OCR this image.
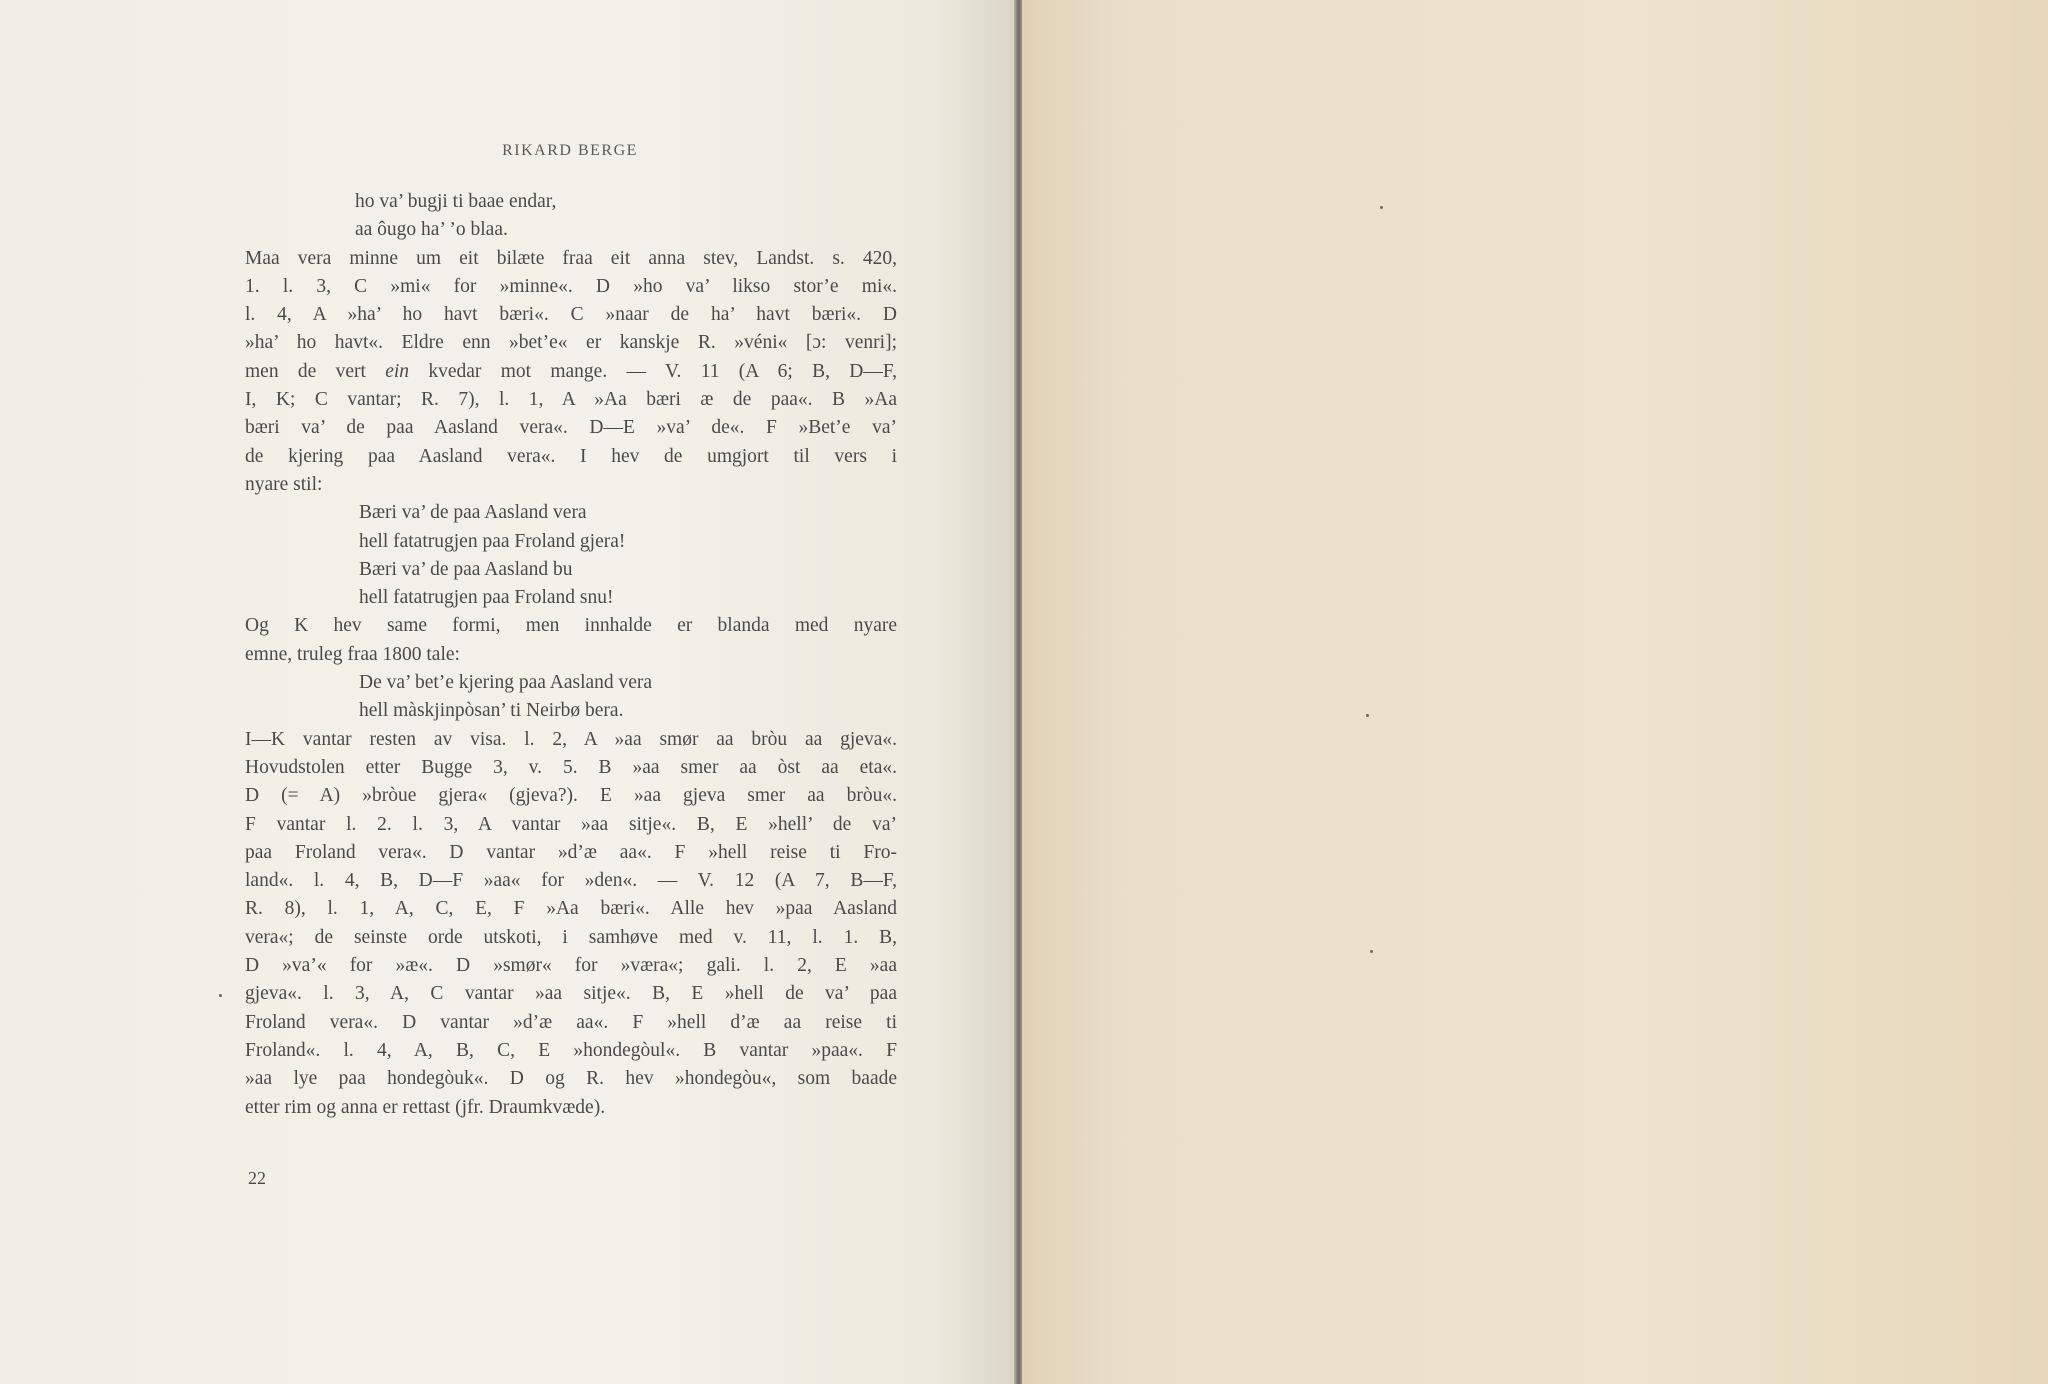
RIKARD BERGE
ho va’ bugji ti baae endar,
aa ôugo ha’ ’o blaa.
Maa vera minne um eit bilæte fraa eit anna stev, Landst. s. 420,
1. l. 3, C »mi« for »minne«. D »ho va’ likso stor’e mi«.
l. 4, A »ha’ ho havt bæri«. C »naar de ha’ havt bæri«. D
»ha’ ho havt«. Eldre enn »bet’e« er kanskje R. »véni« [ɔ: venri];
men de vert ein kvedar mot mange. — V. 11 (A 6; B, D—F,
I, K; C vantar; R. 7), l. 1, A »Aa bæri æ de paa«. B »Aa
bæri va’ de paa Aasland vera«. D—E »va’ de«. F »Bet’e va’
de kjering paa Aasland vera«. I hev de umgjort til vers i
nyare stil:
Bæri va’ de paa Aasland vera
hell fatatrugjen paa Froland gjera!
Bæri va’ de paa Aasland bu
hell fatatrugjen paa Froland snu!
Og K hev same formi, men innhalde er blanda med nyare
emne, truleg fraa 1800 tale:
De va’ bet’e kjering paa Aasland vera
hell màskjinpòsan’ ti Neirbø bera.
I—K vantar resten av visa. l. 2, A »aa smør aa bròu aa gjeva«.
Hovudstolen etter Bugge 3, v. 5. B »aa smer aa òst aa eta«.
D (= A) »bròue gjera« (gjeva?). E »aa gjeva smer aa bròu«.
F vantar l. 2. l. 3, A vantar »aa sitje«. B, E »hell’ de va’
paa Froland vera«. D vantar »d’æ aa«. F »hell reise ti Fro-
land«. l. 4, B, D—F »aa« for »den«. — V. 12 (A 7, B—F,
R. 8), l. 1, A, C, E, F »Aa bæri«. Alle hev »paa Aasland
vera«; de seinste orde utskoti, i samhøve med v. 11, l. 1. B,
D »va’« for »æ«. D »smør« for »væra«; gali. l. 2, E »aa
gjeva«. l. 3, A, C vantar »aa sitje«. B, E »hell de va’ paa
Froland vera«. D vantar »d’æ aa«. F »hell d’æ aa reise ti
Froland«. l. 4, A, B, C, E »hondegòul«. B vantar »paa«. F
»aa lye paa hondegòuk«. D og R. hev »hondegòu«, som baade
etter rim og anna er rettast (jfr. Draumkvæde).
22
